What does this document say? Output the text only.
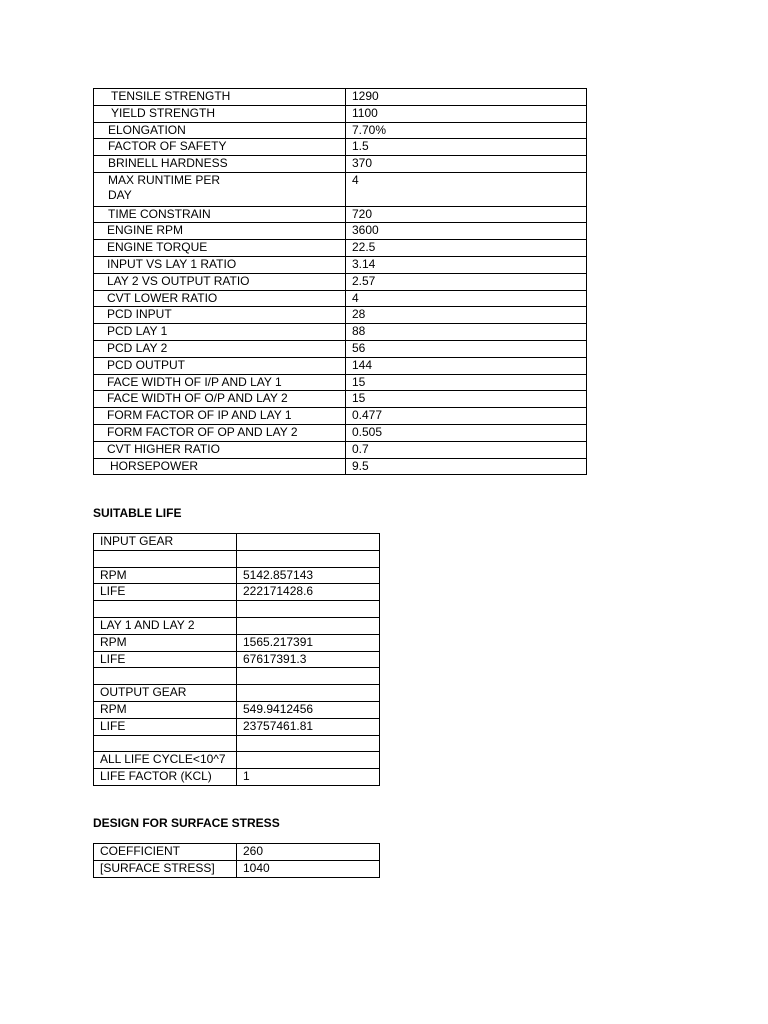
TENSILE STRENGTH	1290
YIELD STRENGTH	1100
ELONGATION	7.70%
FACTOR OF SAFETY	1.5
BRINELL HARDNESS	370
MAX RUNTIME PER DAY	4
TIME CONSTRAIN	720
ENGINE RPM	3600
ENGINE TORQUE	22.5
INPUT VS LAY 1 RATIO	3.14
LAY 2 VS OUTPUT RATIO	2.57
CVT LOWER RATIO	4
PCD INPUT	28
PCD LAY 1	88
PCD LAY 2	56
PCD OUTPUT	144
FACE WIDTH OF I/P AND LAY 1	15
FACE WIDTH OF O/P AND LAY 2	15
FORM FACTOR OF IP AND LAY 1	0.477
FORM FACTOR OF OP AND LAY 2	0.505
CVT HIGHER RATIO	0.7
HORSEPOWER	9.5
SUITABLE LIFE
INPUT GEAR	

RPM	5142.857143
LIFE	222171428.6

LAY 1 AND LAY 2	
RPM	1565.217391
LIFE	67617391.3

OUTPUT GEAR	
RPM	549.9412456
LIFE	23757461.81

ALL LIFE CYCLE<10^7	
LIFE FACTOR (KCL)	1
DESIGN FOR SURFACE STRESS
COEFFICIENT	260
[SURFACE STRESS]	1040
